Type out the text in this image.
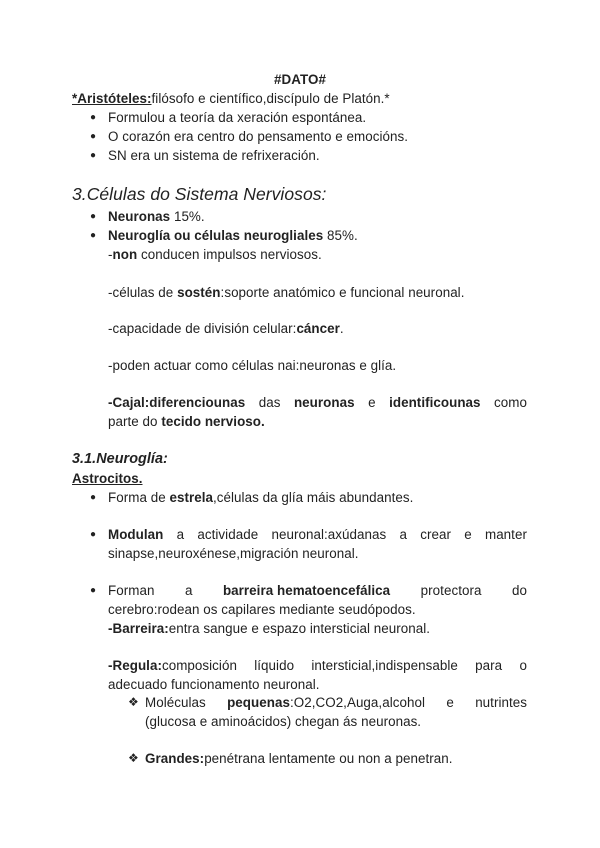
#DATO#
*Aristóteles:filósofo e científico,discípulo de Platón.*
● Formulou a teoría da xeración espontánea.
● O corazón era centro do pensamento e emocións.
● SN era un sistema de refrixeración.
3.Células do Sistema Nerviosos:
● Neuronas 15%.
● Neuroglía ou células neurogliales 85%.
-non conducen impulsos nerviosos.
-células de sostén:soporte anatómico e funcional neuronal.
-capacidade de división celular:cáncer.
-poden actuar como células nai:neuronas e glía.
-Cajal:diferenciounas das neuronas e identificounas como
parte do tecido nervioso.
3.1.Neuroglía:
Astrocitos.
● Forma de estrela,células da glía máis abundantes.
● Modulan a actividade neuronal:axúdanas a crear e manter
sinapse,neuroxénese,migración neuronal.
● Forman a barreira hematoencefálica protectora do
cerebro:rodean os capilares mediante seudópodos.
-Barreira:entra sangue e espazo intersticial neuronal.
-Regula:composición líquido intersticial,indispensable para o
adecuado funcionamento neuronal.
❖ Moléculas pequenas:O2,CO2,Auga,alcohol e nutrintes
(glucosa e aminoácidos) chegan ás neuronas.
❖ Grandes:penétrana lentamente ou non a penetran.
